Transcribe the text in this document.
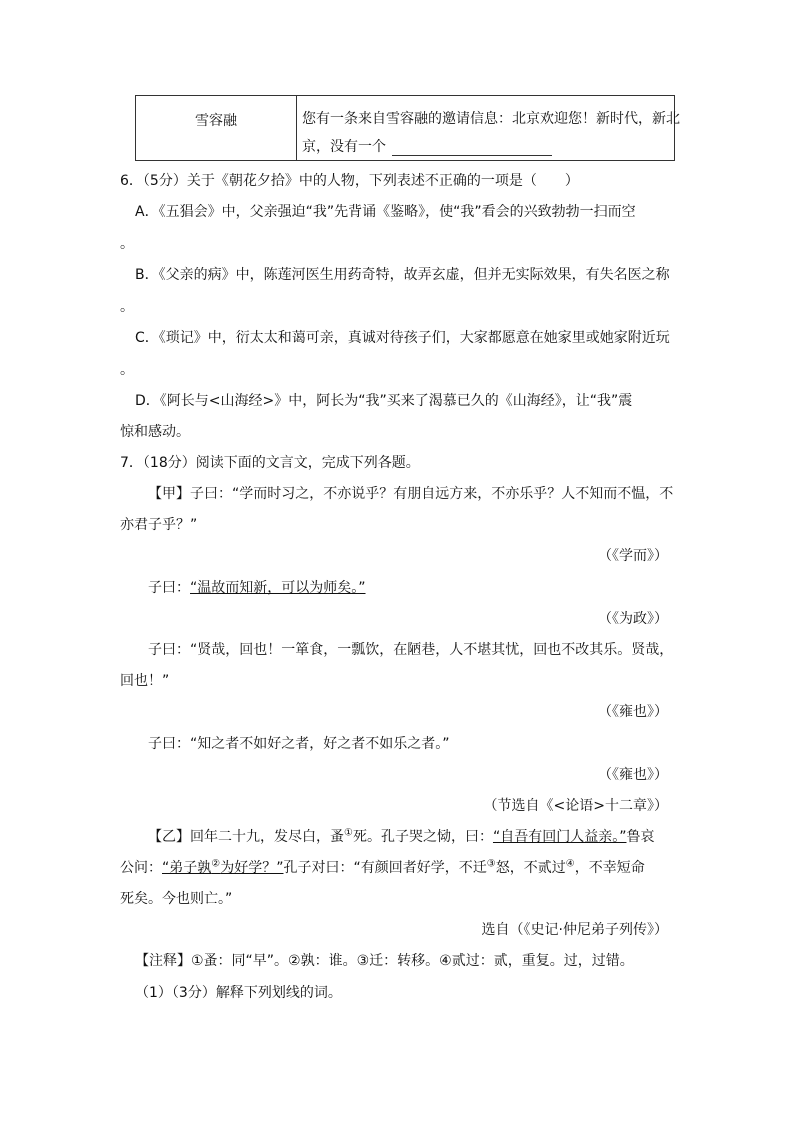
雪容融	您有一条来自雪容融的邀请信息：北京欢迎您！新时代，新北
京，没有一个
6．（5分）关于《朝花夕拾》中的人物，下列表述不正确的一项是（　　）
A．《五猖会》中，父亲强迫“我”先背诵《鉴略》，使“我”看会的兴致勃勃一扫而空
。
B．《父亲的病》中，陈莲河医生用药奇特，故弄玄虚，但并无实际效果，有失名医之称
。
C．《琐记》中，衍太太和蔼可亲，真诚对待孩子们，大家都愿意在她家里或她家附近玩
。
D．《阿长与<山海经>》中，阿长为“我”买来了渴慕已久的《山海经》，让“我”震
惊和感动。
7．（18分）阅读下面的文言文，完成下列各题。
【甲】子曰：“学而时习之，不亦说乎？有朋自远方来，不亦乐乎？人不知而不愠，不
亦君子乎？”
（《学而》）
子曰：“温故而知新，可以为师矣。”
（《为政》）
子曰：“贤哉，回也！一箪食，一瓢饮，在陋巷，人不堪其忧，回也不改其乐。贤哉，
回也！”
（《雍也》）
子曰：“知之者不如好之者，好之者不如乐之者。”
（《雍也》）
（节选自《<论语>十二章》）
【乙】回年二十九，发尽白，蚤①死。孔子哭之恸，曰：“自吾有回门人益亲。”鲁哀
公问：“弟子孰②为好学？”孔子对曰：“有颜回者好学，不迁③怒，不贰过④，不幸短命
死矣。今也则亡。”
选自（《史记·仲尼弟子列传》）
【注释】①蚤：同“早”。②孰：谁。③迁：转移。④贰过：贰，重复。过，过错。
（1）（3分）解释下列划线的词。
